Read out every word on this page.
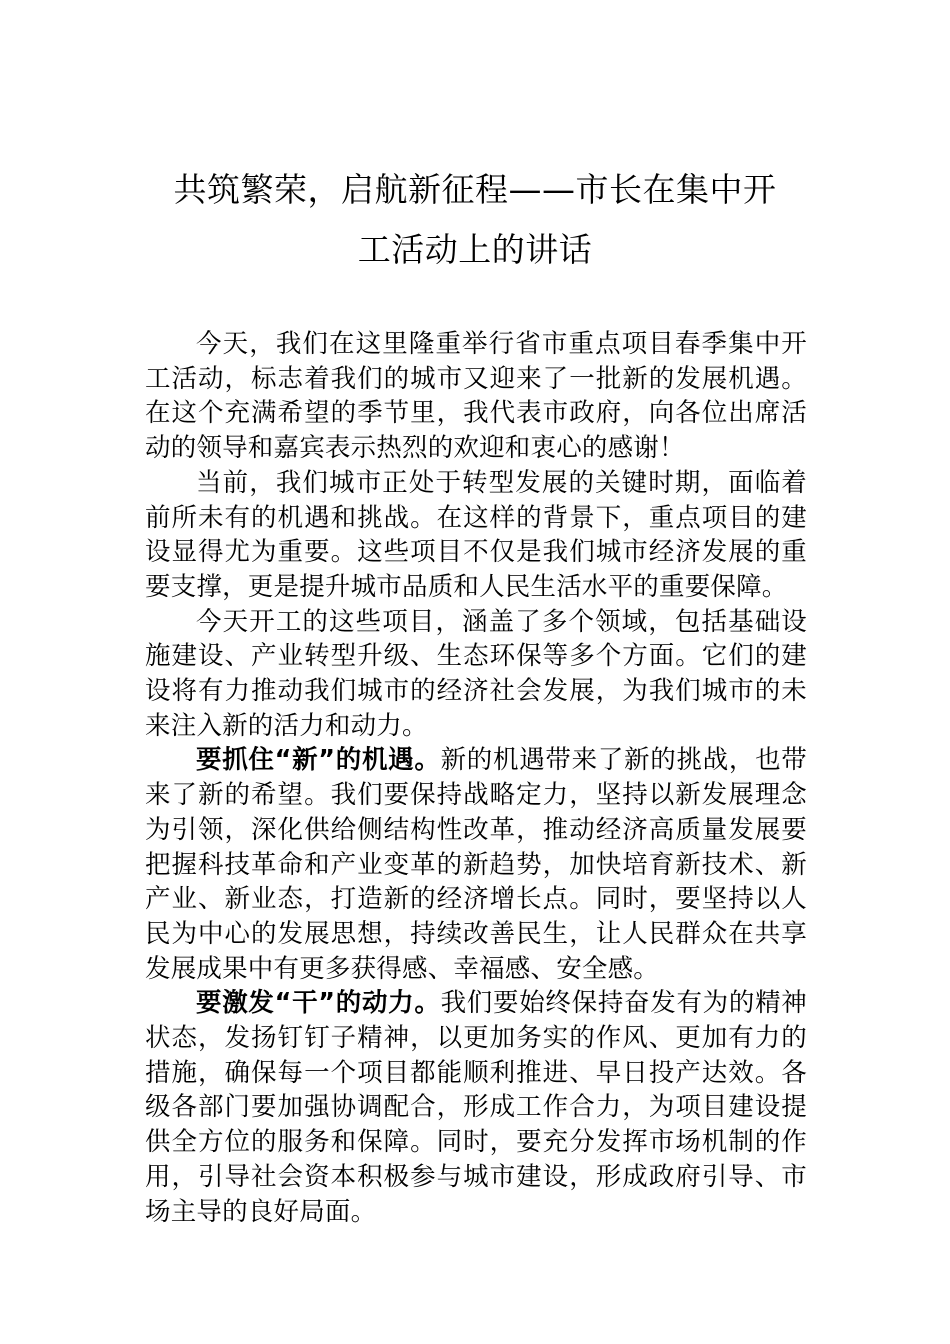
共筑繁荣，启航新征程——市长在集中开
工活动上的讲话

今天，我们在这里隆重举行省市重点项目春季集中开工活动，标志着我们的城市又迎来了一批新的发展机遇。在这个充满希望的季节里，我代表市政府，向各位出席活动的领导和嘉宾表示热烈的欢迎和衷心的感谢！

当前，我们城市正处于转型发展的关键时期，面临着前所未有的机遇和挑战。在这样的背景下，重点项目的建设显得尤为重要。这些项目不仅是我们城市经济发展的重要支撑，更是提升城市品质和人民生活水平的重要保障。

今天开工的这些项目，涵盖了多个领域，包括基础设施建设、产业转型升级、生态环保等多个方面。它们的建设将有力推动我们城市的经济社会发展，为我们城市的未来注入新的活力和动力。

要抓住“新”的机遇。新的机遇带来了新的挑战，也带来了新的希望。我们要保持战略定力，坚持以新发展理念为引领，深化供给侧结构性改革，推动经济高质量发展要把握科技革命和产业变革的新趋势，加快培育新技术、新产业、新业态，打造新的经济增长点。同时，要坚持以人民为中心的发展思想，持续改善民生，让人民群众在共享发展成果中有更多获得感、幸福感、安全感。

要激发“干”的动力。我们要始终保持奋发有为的精神状态，发扬钉钉子精神，以更加务实的作风、更加有力的措施，确保每一个项目都能顺利推进、早日投产达效。各级各部门要加强协调配合，形成工作合力，为项目建设提供全方位的服务和保障。同时，要充分发挥市场机制的作用，引导社会资本积极参与城市建设，形成政府引导、市场主导的良好局面。
